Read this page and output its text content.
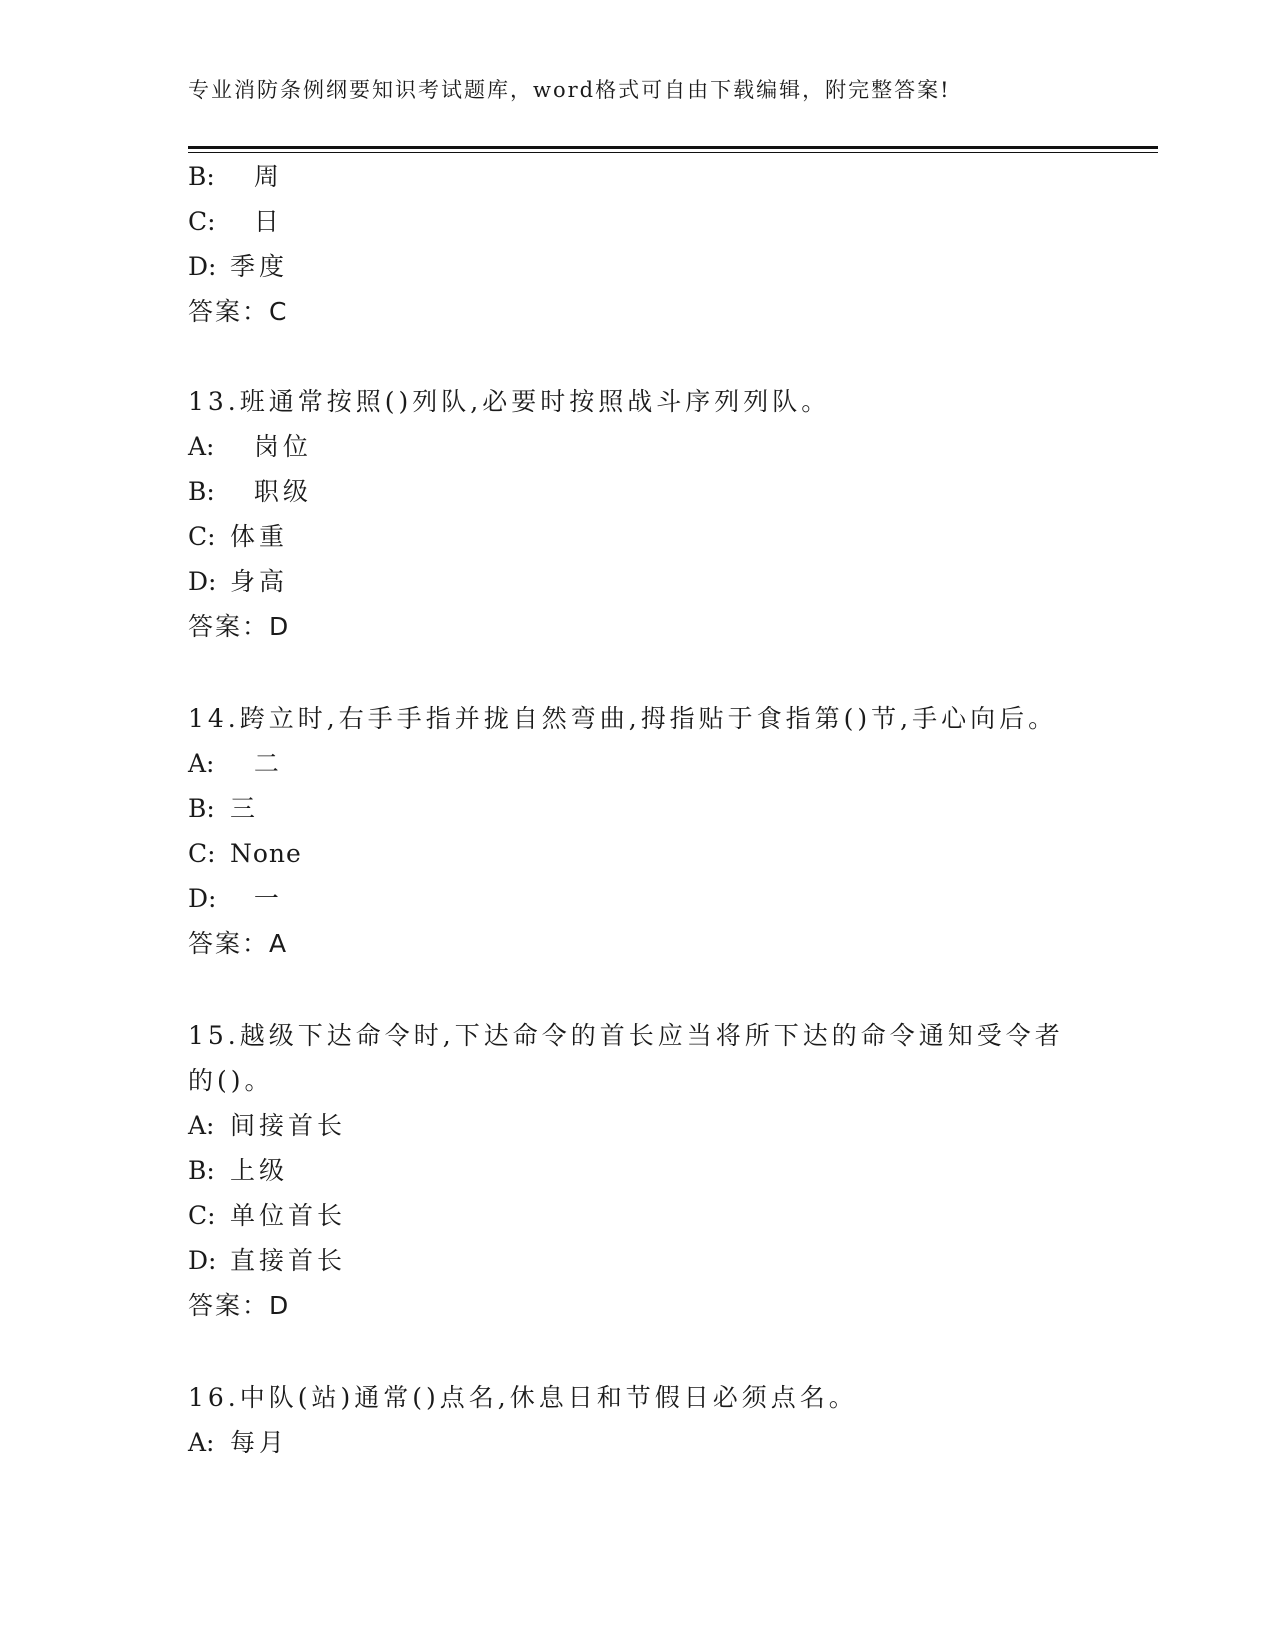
专业消防条例纲要知识考试题库，word格式可自由下载编辑，附完整答案!
B:  周
C:  日
D: 季度
答案：C
13.班通常按照()列队,必要时按照战斗序列列队。
A:  岗位
B:  职级
C: 体重
D: 身高
答案：D
14.跨立时,右手手指并拢自然弯曲,拇指贴于食指第()节,手心向后。
A:  二
B: 三
C: None
D:  一
答案：A
15.越级下达命令时,下达命令的首长应当将所下达的命令通知受令者
的()。
A: 间接首长
B: 上级
C: 单位首长
D: 直接首长
答案：D
16.中队(站)通常()点名,休息日和节假日必须点名。
A: 每月
